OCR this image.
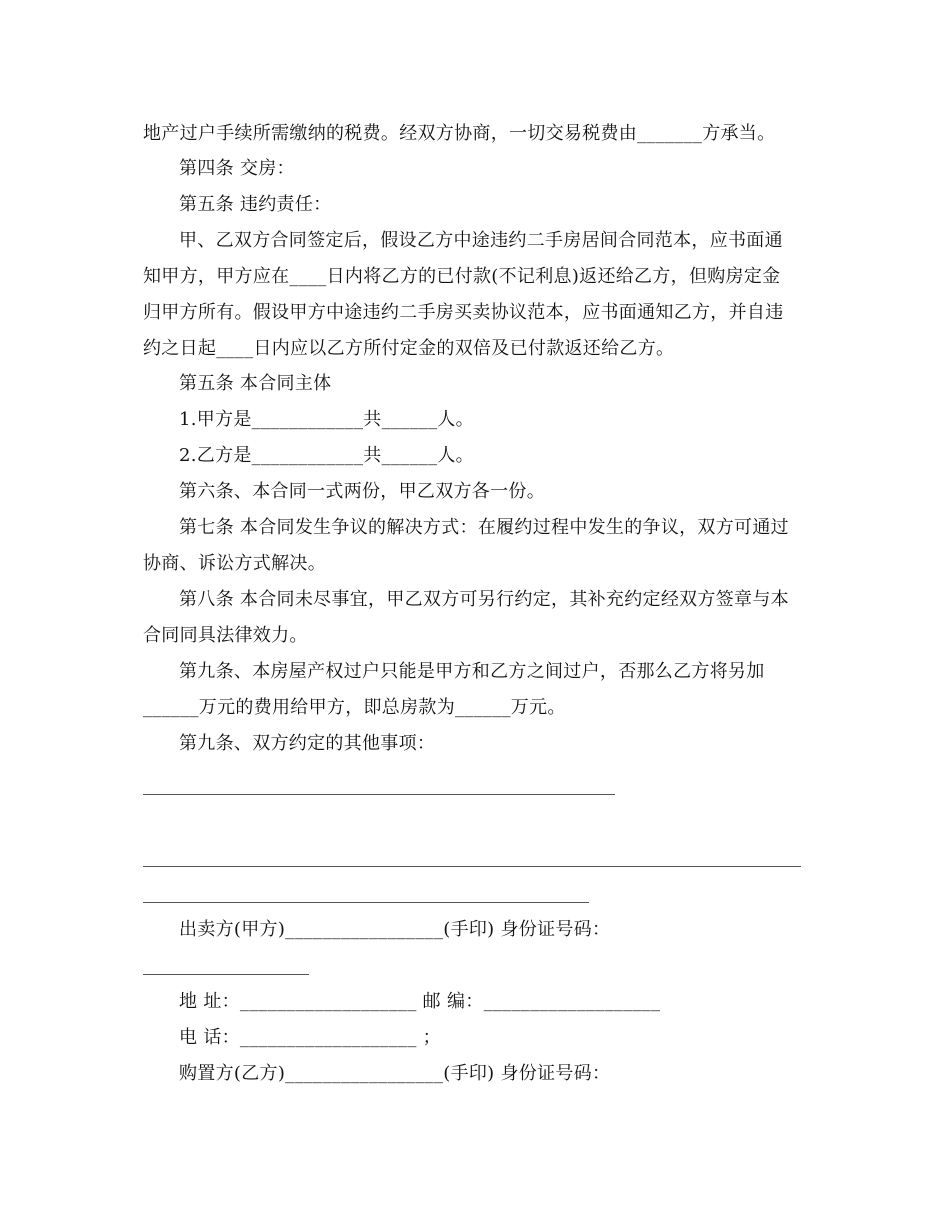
地产过户手续所需缴纳的税费。经双方协商，一切交易税费由_______方承当。
第四条 交房：
第五条 违约责任：
甲、乙双方合同签定后，假设乙方中途违约二手房居间合同范本，应书面通
知甲方，甲方应在____日内将乙方的已付款(不记利息)返还给乙方，但购房定金
归甲方所有。假设甲方中途违约二手房买卖协议范本，应书面通知乙方，并自违
约之日起____日内应以乙方所付定金的双倍及已付款返还给乙方。
第五条 本合同主体
1.甲方是____________共______人。
2.乙方是____________共______人。
第六条、本合同一式两份，甲乙双方各一份。
第七条 本合同发生争议的解决方式：在履约过程中发生的争议，双方可通过
协商、诉讼方式解决。
第八条 本合同未尽事宜，甲乙双方可另行约定，其补充约定经双方签章与本
合同同具法律效力。
第九条、本房屋产权过户只能是甲方和乙方之间过户，否那么乙方将另加
______万元的费用给甲方，即总房款为______万元。
第九条、双方约定的其他事项：
出卖方(甲方)_________________(手印) 身份证号码：
地 址：___________________ 邮 编：___________________
电 话：___________________ ；
购置方(乙方)_________________(手印) 身份证号码：
